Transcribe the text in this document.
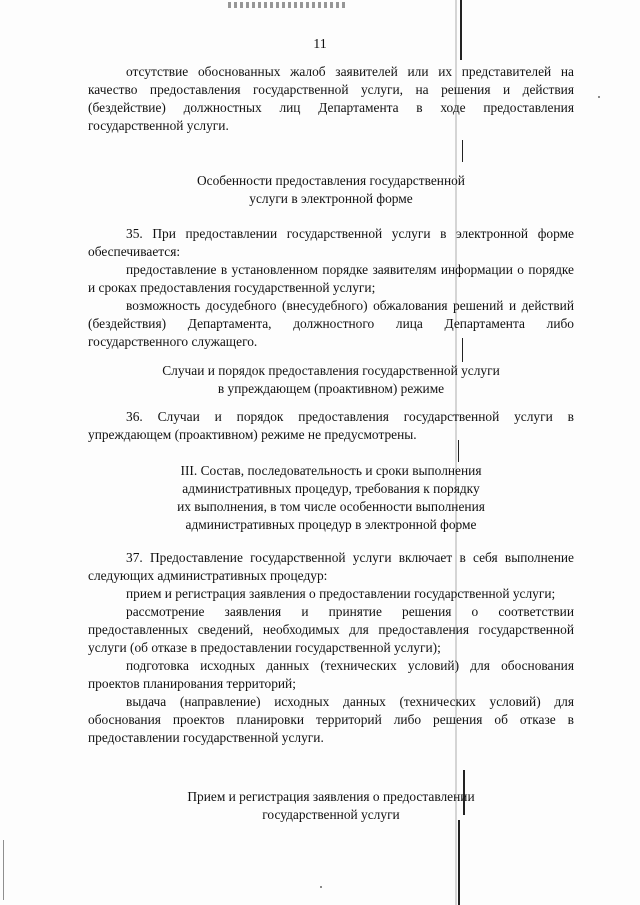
11

отсутствие обоснованных жалоб заявителей или их представителей на качество предоставления государственной услуги, на решения и действия (бездействие) должностных лиц Департамента в ходе предоставления государственной услуги.

Особенности предоставления государственной

услуги в электронной форме

35. При предоставлении государственной услуги в электронной форме обеспечивается:

предоставление в установленном порядке заявителям информации о порядке и сроках предоставления государственной услуги;

возможность досудебного (внесудебного) обжалования решений и действий (бездействия) Департамента, должностного лица Департамента либо государственного служащего.

Случаи и порядок предоставления государственной услуги

в упреждающем (проактивном) режиме

36. Случаи и порядок предоставления государственной услуги в упреждающем (проактивном) режиме не предусмотрены.

III. Состав, последовательность и сроки выполнения

административных процедур, требования к порядку

их выполнения, в том числе особенности выполнения

административных процедур в электронной форме

37. Предоставление государственной услуги включает в себя выполнение следующих административных процедур:

прием и регистрация заявления о предоставлении государственной услуги;

рассмотрение заявления и принятие решения о соответствии предоставленных сведений, необходимых для предоставления государственной услуги (об отказе в предоставлении государственной услуги);

подготовка исходных данных (технических условий) для обоснования проектов планирования территорий;

выдача (направление) исходных данных (технических условий) для обоснования проектов планировки территорий либо решения об отказе в предоставлении государственной услуги.

Прием и регистрация заявления о предоставлении

государственной услуги
